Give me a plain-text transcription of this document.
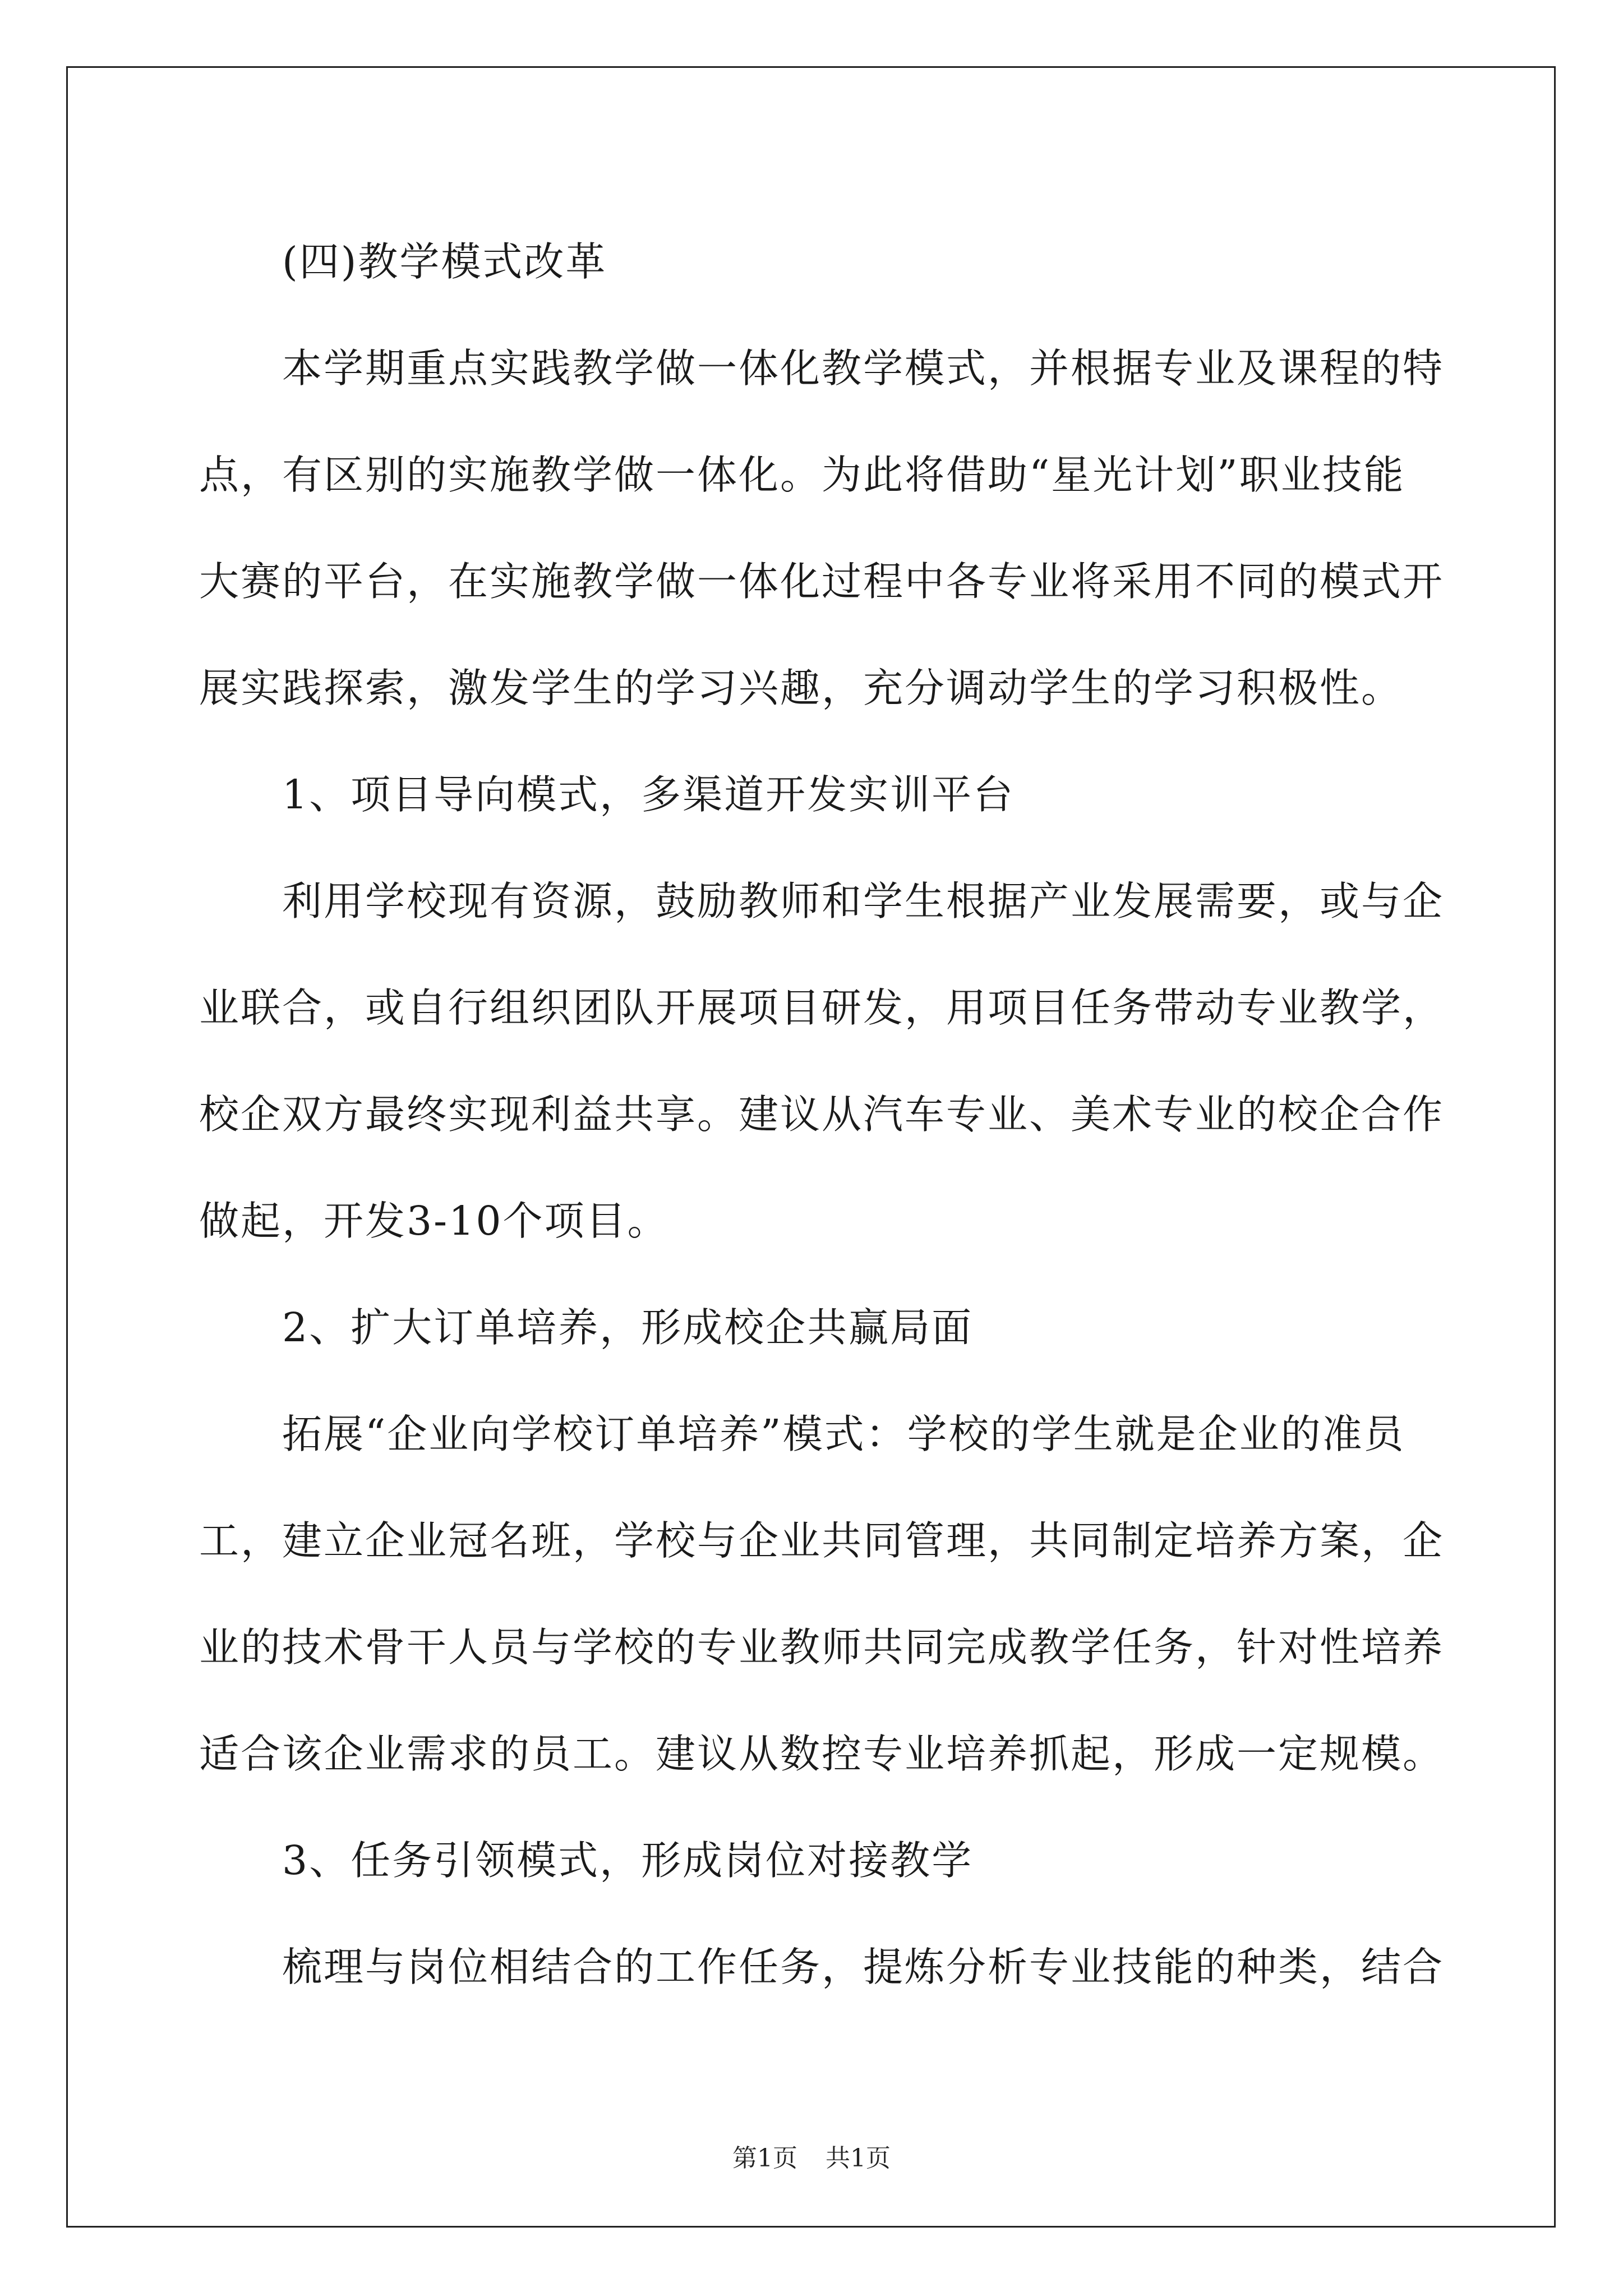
　　(四)教学模式改革
　　本学期重点实践教学做一体化教学模式，并根据专业及课程的特
点，有区别的实施教学做一体化。为此将借助“星光计划”职业技能
大赛的平台，在实施教学做一体化过程中各专业将采用不同的模式开
展实践探索，激发学生的学习兴趣，充分调动学生的学习积极性。
　　1、项目导向模式，多渠道开发实训平台
　　利用学校现有资源，鼓励教师和学生根据产业发展需要，或与企
业联合，或自行组织团队开展项目研发，用项目任务带动专业教学，
校企双方最终实现利益共享。建议从汽车专业、美术专业的校企合作
做起，开发3-10个项目。
　　2、扩大订单培养，形成校企共赢局面
　　拓展“企业向学校订单培养”模式：学校的学生就是企业的准员
工，建立企业冠名班，学校与企业共同管理，共同制定培养方案，企
业的技术骨干人员与学校的专业教师共同完成教学任务，针对性培养
适合该企业需求的员工。建议从数控专业培养抓起，形成一定规模。
　　3、任务引领模式，形成岗位对接教学
　　梳理与岗位相结合的工作任务，提炼分析专业技能的种类，结合
第1页 共1页
